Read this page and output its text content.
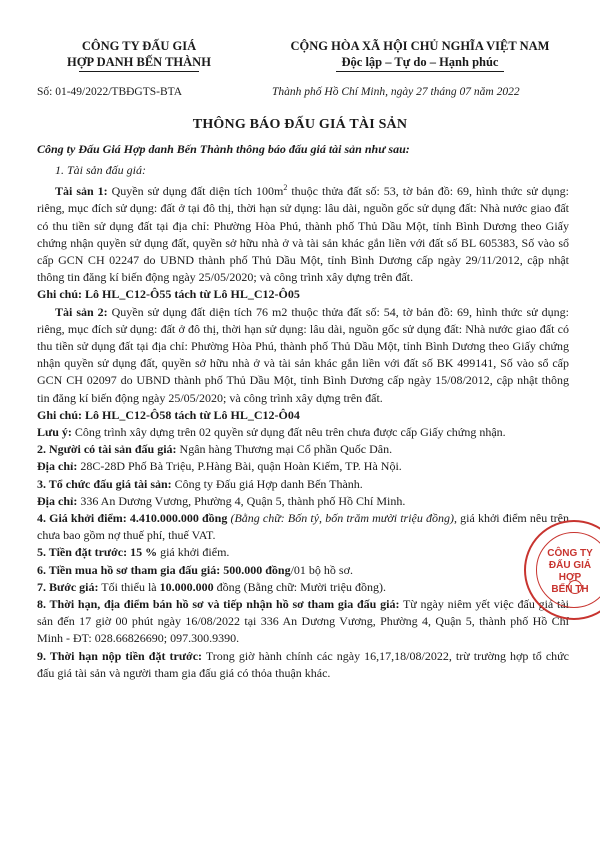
CÔNG TY ĐẤU GIÁ
HỢP DANH BẾN THÀNH
CỘNG HÒA XÃ HỘI CHỦ NGHĨA VIỆT NAM
Độc lập – Tự do – Hạnh phúc
Số: 01-49/2022/TBĐGTS-BTA	Thành phố Hồ Chí Minh, ngày 27 tháng 07 năm 2022
THÔNG BÁO ĐẤU GIÁ TÀI SẢN
Công ty Đấu Giá Hợp danh Bến Thành thông báo đấu giá tài sản như sau:

1. Tài sản đấu giá:

Tài sản 1: Quyền sử dụng đất diện tích $100m^2$ thuộc thửa đất số: 53, tờ bản đồ: 69, hình thức sử dụng: riêng, mục đích sử dụng: đất ở tại đô thị, thời hạn sử dụng: lâu dài, nguồn gốc sử dụng đất: Nhà nước giao đất có thu tiền sử dụng đất tại địa chỉ: Phường Hòa Phú, thành phố Thủ Dầu Một, tỉnh Bình Dương theo Giấy chứng nhận quyền sử dụng đất, quyền sở hữu nhà ở và tài sản khác gắn liền với đất số BL 605383, Số vào sổ cấp GCN CH 02247 do UBND thành phố Thủ Dầu Một, tỉnh Bình Dương cấp ngày 29/11/2012, cập nhật thông tin đăng kí biến động ngày 25/05/2020; và công trình xây dựng trên đất.

Ghi chú: Lô HL_C12-Ô55 tách từ Lô HL_C12-Ô05

Tài sản 2: Quyền sử dụng đất diện tích 76 m2 thuộc thửa đất số: 54, tờ bản đồ: 69, hình thức sử dụng: riêng, mục đích sử dụng: đất ở đô thị, thời hạn sử dụng: lâu dài, nguồn gốc sử dụng đất: Nhà nước giao đất có thu tiền sử dụng đất tại địa chỉ: Phường Hòa Phú, thành phố Thủ Dầu Một, tỉnh Bình Dương theo Giấy chứng nhận quyền sử dụng đất, quyền sở hữu nhà ở và tài sản khác gắn liền với đất số BK 499141, Số vào sổ cấp GCN CH 02097 do UBND thành phố Thủ Dầu Một, tỉnh Bình Dương cấp ngày 15/08/2012, cập nhật thông tin đăng kí biến động ngày 25/05/2020; và công trình xây dựng trên đất.

Ghi chú: Lô HL_C12-Ô58 tách từ Lô HL_C12-Ô04

Lưu ý: Công trình xây dựng trên 02 quyền sử dụng đất nêu trên chưa được cấp Giấy chứng nhận.

2. Người có tài sản đấu giá: Ngân hàng Thương mại Cổ phần Quốc Dân.

Địa chỉ: 28C-28D Phố Bà Triệu, P.Hàng Bài, quận Hoàn Kiếm, TP. Hà Nội.

3. Tổ chức đấu giá tài sản: Công ty Đấu giá Hợp danh Bến Thành.

Địa chỉ: 336 An Dương Vương, Phường 4, Quận 5, thành phố Hồ Chí Minh.

4. Giá khởi điểm: 4.410.000.000 đồng (Bằng chữ: Bốn tỷ, bốn trăm mười triệu đồng), giá khởi điểm nêu trên chưa bao gồm nợ thuế phí, thuế VAT.

5. Tiền đặt trước: 15 % giá khởi điểm.

6. Tiền mua hồ sơ tham gia đấu giá: 500.000 đồng/01 bộ hồ sơ.

7. Bước giá: Tối thiểu là 10.000.000 đồng (Bằng chữ: Mười triệu đồng).

8. Thời hạn, địa điểm bán hồ sơ và tiếp nhận hồ sơ tham gia đấu giá: Từ ngày niêm yết việc đấu giá tài sản đến 17 giờ 00 phút ngày 16/08/2022 tại 336 An Dương Vương, Phường 4, Quận 5, thành phố Hồ Chí Minh - ĐT: 028.66826690; 097.300.9390.

9. Thời hạn nộp tiền đặt trước: Trong giờ hành chính các ngày 16,17,18/08/2022, trừ trường hợp tổ chức đấu giá tài sản và người tham gia đấu giá có thỏa thuận khác.

CÔNG TY
ĐẤU GIÁ HỢP
BẾN TH
